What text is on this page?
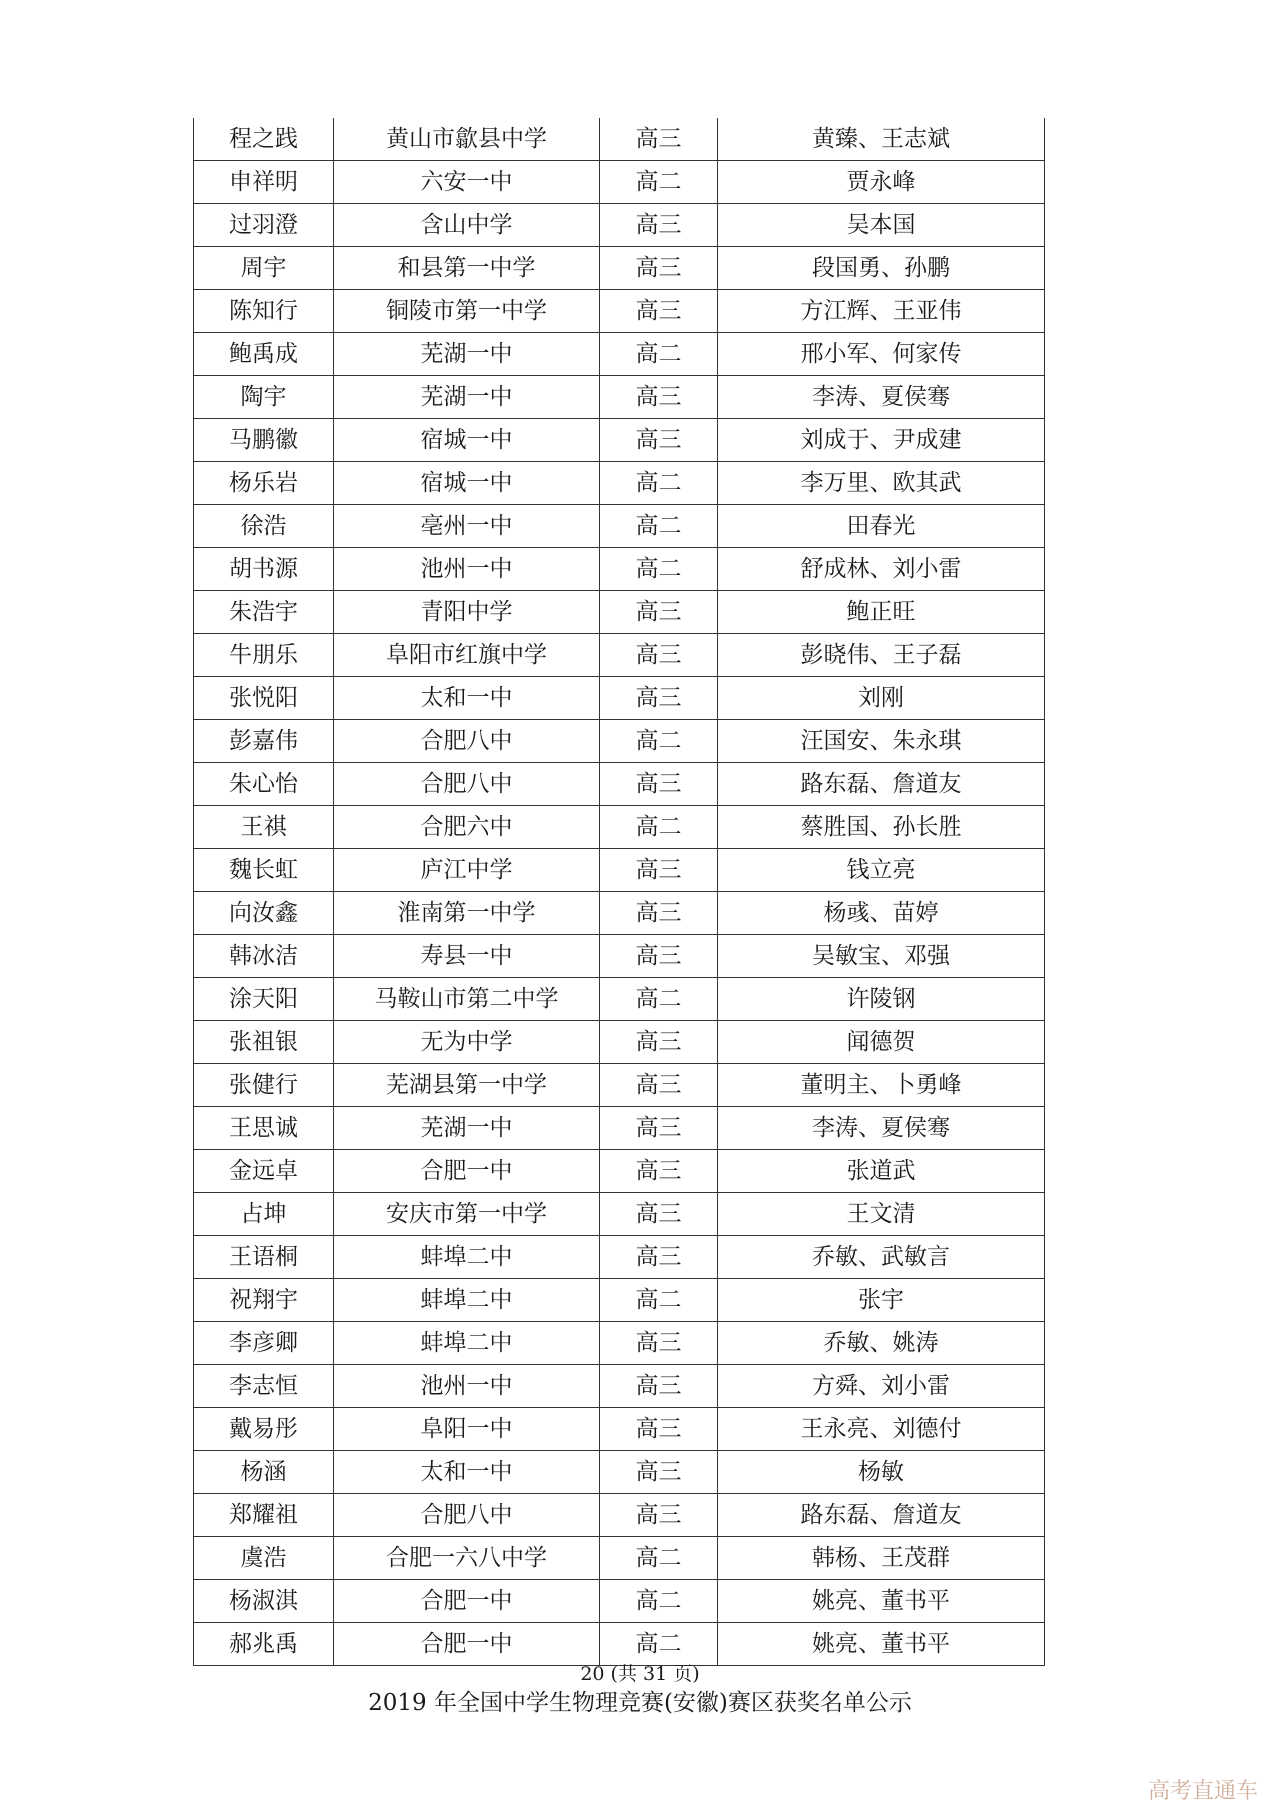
程之践	黄山市歙县中学	高三	黄臻、王志斌
申祥明	六安一中	高二	贾永峰
过羽澄	含山中学	高三	吴本国
周宇	和县第一中学	高三	段国勇、孙鹏
陈知行	铜陵市第一中学	高三	方江辉、王亚伟
鲍禹成	芜湖一中	高二	邢小军、何家传
陶宇	芜湖一中	高三	李涛、夏侯骞
马鹏徽	宿城一中	高三	刘成于、尹成建
杨乐岩	宿城一中	高二	李万里、欧其武
徐浩	亳州一中	高二	田春光
胡书源	池州一中	高二	舒成林、刘小雷
朱浩宇	青阳中学	高三	鲍正旺
牛朋乐	阜阳市红旗中学	高三	彭晓伟、王子磊
张悦阳	太和一中	高三	刘刚
彭嘉伟	合肥八中	高二	汪国安、朱永琪
朱心怡	合肥八中	高三	路东磊、詹道友
王祺	合肥六中	高二	蔡胜国、孙长胜
魏长虹	庐江中学	高三	钱立亮
向汝鑫	淮南第一中学	高三	杨彧、苗婷
韩冰洁	寿县一中	高三	吴敏宝、邓强
涂天阳	马鞍山市第二中学	高二	许陵钢
张祖银	无为中学	高三	闻德贺
张健行	芜湖县第一中学	高三	董明主、卜勇峰
王思诚	芜湖一中	高三	李涛、夏侯骞
金远卓	合肥一中	高三	张道武
占坤	安庆市第一中学	高三	王文清
王语桐	蚌埠二中	高三	乔敏、武敏言
祝翔宇	蚌埠二中	高二	张宇
李彦卿	蚌埠二中	高三	乔敏、姚涛
李志恒	池州一中	高三	方舜、刘小雷
戴易彤	阜阳一中	高三	王永亮、刘德付
杨涵	太和一中	高三	杨敏
郑耀祖	合肥八中	高三	路东磊、詹道友
虞浩	合肥一六八中学	高二	韩杨、王茂群
杨淑淇	合肥一中	高二	姚亮、董书平
郝兆禹	合肥一中	高二	姚亮、董书平
20 (共 31 页)
2019 年全国中学生物理竞赛(安徽)赛区获奖名单公示
高考直通车
